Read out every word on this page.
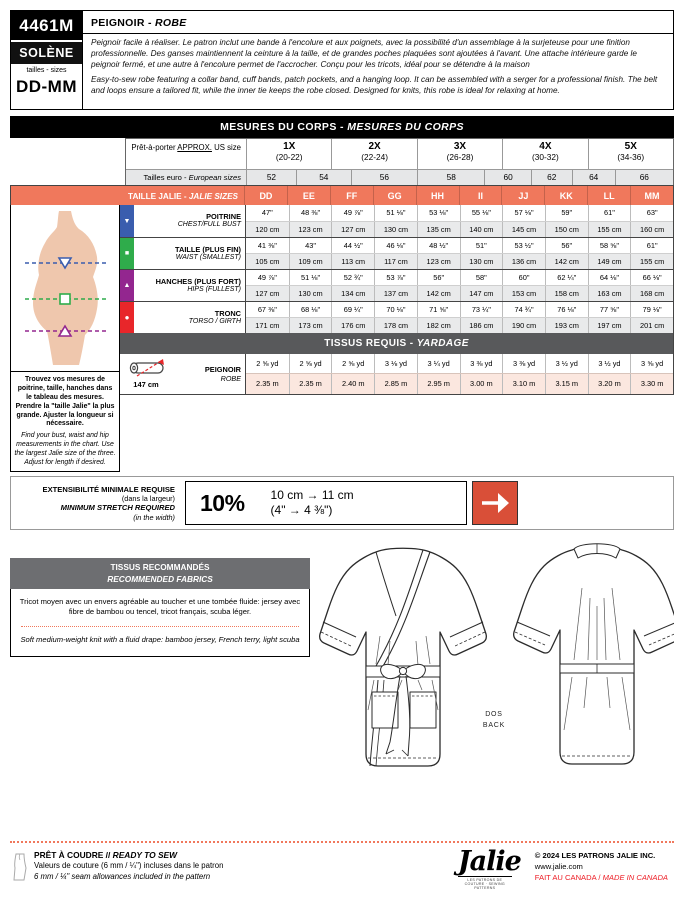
4461M
SOLÈNE
tailles - sizes
DD-MM
PEIGNOIR - ROBE
Peignoir facile à réaliser. Le patron inclut une bande à l'encolure et aux poignets, avec la possibilité d'un assemblage à la surjeteuse pour une finition professionnelle. Des ganses maintiennent la ceinture à la taille, et de grandes poches plaquées sont ajoutées à l'avant. Une attache intérieure garde le peignoir fermé, et une autre à l'encolure permet de l'accrocher. Conçu pour les tricots, idéal pour se détendre à la maison
Easy-to-sew robe featuring a collar band, cuff bands, patch pockets, and a hanging loop. It can be assembled with a serger for a professional finish. The belt and loops ensure a tailored fit, while the inner tie keeps the robe closed. Designed for knits, this robe is ideal for relaxing at home.
MESURES DU CORPS - MESURES DU CORPS
Prêt-à-porter APPROX. US size	1X
(20-22)
2X
(22-24)
3X
(26-28)
4X
(30-32)
5X
(34-36)
Tailles euro - European sizes	52	54	56	58	60	62	64	66
TAILLE JALIE - JALIE SIZES	DD	EE	FF	GG	HH	II	JJ	KK	LL	MM
Trouvez vos mesures de poitrine, taille, hanches dans le tableau des mesures. Prendre la "taille Jalie" la plus grande. Ajuster la longueur si nécessaire.
Find your bust, waist and hip measurements in the chart. Use the largest Jalie size of the three. Adjust for length if desired.
▼	POITRINE
CHEST/FULL BUST
47"	48 ⅜"	49 ⅞"	51 ⅛"	53 ⅛"	55 ⅛"	57 ⅛"	59"	61"	63"
120 cm	123 cm	127 cm	130 cm	135 cm	140 cm	145 cm	150 cm	155 cm	160 cm
■	TAILLE (PLUS FIN)
WAIST (SMALLEST)
41 ⅜"	43"	44 ½"	46 ⅛"	48 ½"	51"	53 ½"	56"	58 ⅝"	61"
105 cm	109 cm	113 cm	117 cm	123 cm	130 cm	136 cm	142 cm	149 cm	155 cm
▲	HANCHES (PLUS FORT)
HIPS (FULLEST)
49 ⅞"	51 ⅛"	52 ¾"	53 ⅞"	56"	58"	60"	62 ¼"	64 ⅛"	66 ⅛"
127 cm	130 cm	134 cm	137 cm	142 cm	147 cm	153 cm	158 cm	163 cm	168 cm
●	TRONC
TORSO / GIRTH
67 ⅜"	68 ⅛"	69 ¼"	70 ⅛"	71 ⅝"	73 ¼"	74 ¾"	76 ⅛"	77 ⅝"	79 ⅛"
171 cm	173 cm	176 cm	178 cm	182 cm	186 cm	190 cm	193 cm	197 cm	201 cm
TISSUS REQUIS - YARDAGE
147 cm
PEIGNOIR
ROBE
2 ⅝ yd	2 ⅝ yd	2 ⅝ yd	3 ⅛ yd	3 ¼ yd	3 ⅜ yd	3 ⅜ yd	3 ½ yd	3 ½ yd	3 ⅝ yd
2.35 m	2.35 m	2.40 m	2.85 m	2.95 m	3.00 m	3.10 m	3.15 m	3.20 m	3.30 m
EXTENSIBILITÉ MINIMALE REQUISE
(dans la largeur)
MINIMUM STRETCH REQUIRED
(in the width)
10%	10 cm → 11 cm
(4" → 4 ⅜")
TISSUS RECOMMANDÉS
RECOMMENDED FABRICS
Tricot moyen avec un envers agréable au toucher et une tombée fluide: jersey avec fibre de bambou ou tencel, tricot français, scuba léger.
Soft medium-weight knit with a fluid drape: bamboo jersey, French terry, light scuba
DOS
BACK
PRÊT À COUDRE // READY TO SEW
Valeurs de couture (6 mm / ¼") incluses dans le patron
6 mm / ¼" seam allowances included in the pattern	Jalie
LES PATRONS DE COUTURE · SEWING PATTERNS
© 2024 LES PATRONS JALIE INC.
www.jalie.com
FAIT AU CANADA / MADE IN CANADA
